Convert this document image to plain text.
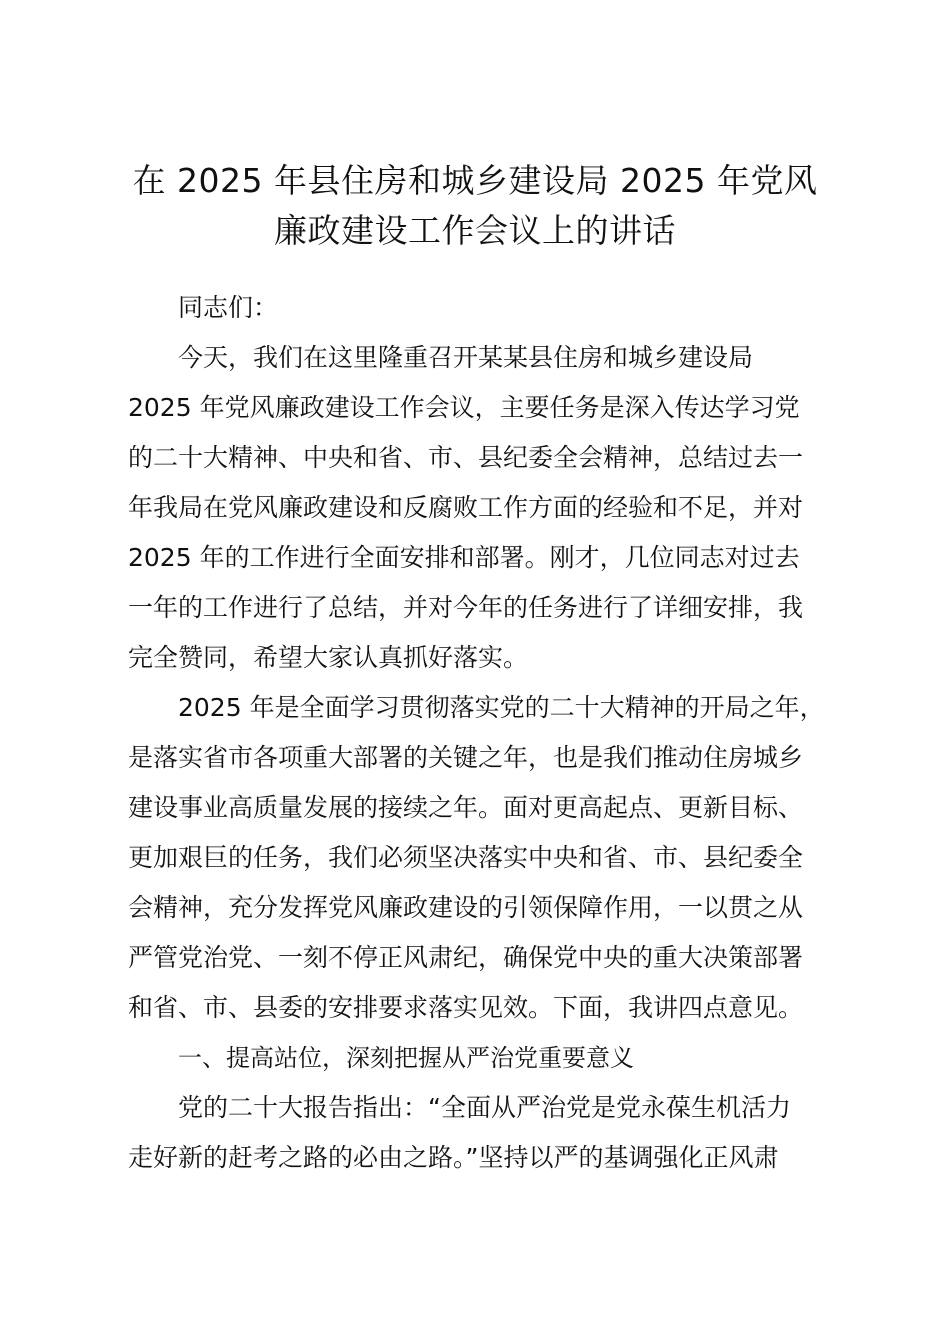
在 2025 年县住房和城乡建设局 2025 年党风
廉政建设工作会议上的讲话
同志们：
今天，我们在这里隆重召开某某县住房和城乡建设局
2025 年党风廉政建设工作会议，主要任务是深入传达学习党
的二十大精神、中央和省、市、县纪委全会精神，总结过去一
年我局在党风廉政建设和反腐败工作方面的经验和不足，并对
2025 年的工作进行全面安排和部署。刚才，几位同志对过去
一年的工作进行了总结，并对今年的任务进行了详细安排，我
完全赞同，希望大家认真抓好落实。
2025 年是全面学习贯彻落实党的二十大精神的开局之年，
是落实省市各项重大部署的关键之年，也是我们推动住房城乡
建设事业高质量发展的接续之年。面对更高起点、更新目标、
更加艰巨的任务，我们必须坚决落实中央和省、市、县纪委全
会精神，充分发挥党风廉政建设的引领保障作用，一以贯之从
严管党治党、一刻不停正风肃纪，确保党中央的重大决策部署
和省、市、县委的安排要求落实见效。下面，我讲四点意见。
一、提高站位，深刻把握从严治党重要意义
党的二十大报告指出：“全面从严治党是党永葆生机活力
走好新的赶考之路的必由之路。”坚持以严的基调强化正风肃
